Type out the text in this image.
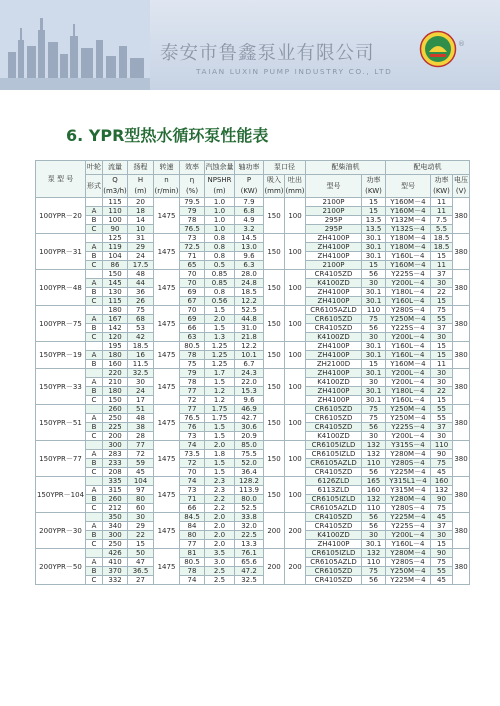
泰安市鲁鑫泵业有限公司
TAIAN LUXIN PUMP INDUSTRY CO., LTD
®
6. YPR型热水循环泵性能表
泵 型 号	叶轮	流量	扬程	转速	效率	汽蚀余量	轴功率	泵口径		配柴油机		配电动机		
	形式	Q
(m3/h)	H
(m)	n
(r/min)	η
(%)	NPSHR
(m)	P
(KW)	吸入
(mm)	吐出
(mm)	型号	功率
(KW)	型号	功率
(KW)	电压
(V)
100YPR－20		115	20	1475	79.5	1.0	7.9	150	100	2100P	15	Y160M－4	11	380
	A	110	18		79	1.0	6.8			2100P	15	Y160M－4	11	
	B	100	14		78	1.0	4.9			295P	13.5	Y132M－4	7.5	
	C	90	10		76.5	1.0	3.2			295P	13.5	Y132S－4	5.5	
100YPR－31		125	31	1475	73	0.8	14.5	150	100	ZH4100P	30.1	Y180M－4	18.5	380
	A	119	29		72.5	0.8	13.0			ZH4100P	30.1	Y180M－4	18.5	
	B	104	24		71	0.8	9.6			ZH4100P	30.1	Y160L－4	15	
	C	86	17.5		65	0.5	6.3			2100P	15	Y160M－4	11	
100YPR－48		150	48	1475	70	0.85	28.0	150	100	CR4105ZD	56	Y225S－4	37	380
	A	145	44		70	0.85	24.8			K4100ZD	30	Y200L－4	30	
	B	130	36		69	0.8	18.5			ZH4100P	30.1	Y180L－4	22	
	C	115	26		67	0.56	12.2			ZH4100P	30.1	Y160L－4	15	
100YPR－75		180	75	1475	70	1.5	52.5	150	100	CR6105AZLD	110	Y280S－4	75	380
	A	167	68		69	2.0	44.8			CR6105ZD	75	Y250M－4	55	
	B	142	53		66	1.5	31.0			CR4105ZD	56	Y225S－4	37	
	C	120	42		63	1.3	21.8			K4100ZD	30	Y200L－4	30	
150YPR－19		195	18.5	1475	80.5	1.25	12.2	150	100	ZH4100P	30.1	Y160L－4	15	380
	A	180	16		78	1.25	10.1			ZH4100P	30.1	Y160L－4	15	
	B	160	11.5		75	1.25	6.7			ZH2100D	15	Y160M－4	11	
150YPR－33		220	32.5	1475	79	1.7	24.3	150	100	ZH4100P	30.1	Y200L－4	30	380
	A	210	30		78	1.5	22.0			K4100ZD	30	Y200L－4	30	
	B	180	24		77	1.2	15.3			ZH4100P	30.1	Y180L－4	22	
	C	150	17		72	1.2	9.6			ZH4100P	30.1	Y160L－4	15	
150YPR－51		260	51	1475	77	1.75	46.9	150	100	CR6105ZD	75	Y250M－4	55	380
	A	250	48		76.5	1.75	42.7			CR6105ZD	75	Y250M－4	55	
	B	225	38		76	1.5	30.6			CR4105ZD	56	Y225S－4	37	
	C	200	28		73	1.5	20.9			K4100ZD	30	Y200L－4	30	
150YPR－77		300	77	1475	74	2.0	85.0	150	100	CR6105IZLD	132	Y315S－4	110	380
	A	283	72		73.5	1.8	75.5			CR6105IZLD	132	Y280M－4	90	
	B	233	59		72	1.5	52.0			CR6105AZLD	110	Y280S－4	75	
	C	208	45		70	1.5	36.4			CR4105ZD	56	Y225M－4	45	
150YPR－104		335	104	1475	74	2.3	128.2	150	100	6126ZLD	165	Y315L1－4	160	380
	A	315	97		73	2.3	113.9			6113ZLD	160	Y315M－4	132	
	B	260	80		71	2.2	80.0			CR6105IZLD	132	Y280M－4	90	
	C	212	60		66	2.2	52.5			CR6105AZLD	110	Y280S－4	75	
200YPR－30		350	30	1475	84.5	2.0	33.8	200	200	CR4105ZD	56	Y225M－4	45	380
	A	340	29		84	2.0	32.0			CR4105ZD	56	Y225S－4	37	
	B	300	22		80	2.0	22.5			K4100ZD	30	Y200L－4	30	
	C	250	15		77	2.0	13.3			ZH4100P	30.1	Y160L－4	15	
200YPR－50		426	50	1475	81	3.5	76.1	200	200	CR6105IZLD	132	Y280M－4	90	380
	A	410	47		80.5	3.0	65.6			CR6105AZLD	110	Y280S－4	75	
	B	370	36.5		78	2.5	47.2			CR6105ZD	75	Y250M－4	55	
	C	332	27		74	2.5	32.5			CR4105ZD	56	Y225M－4	45	
